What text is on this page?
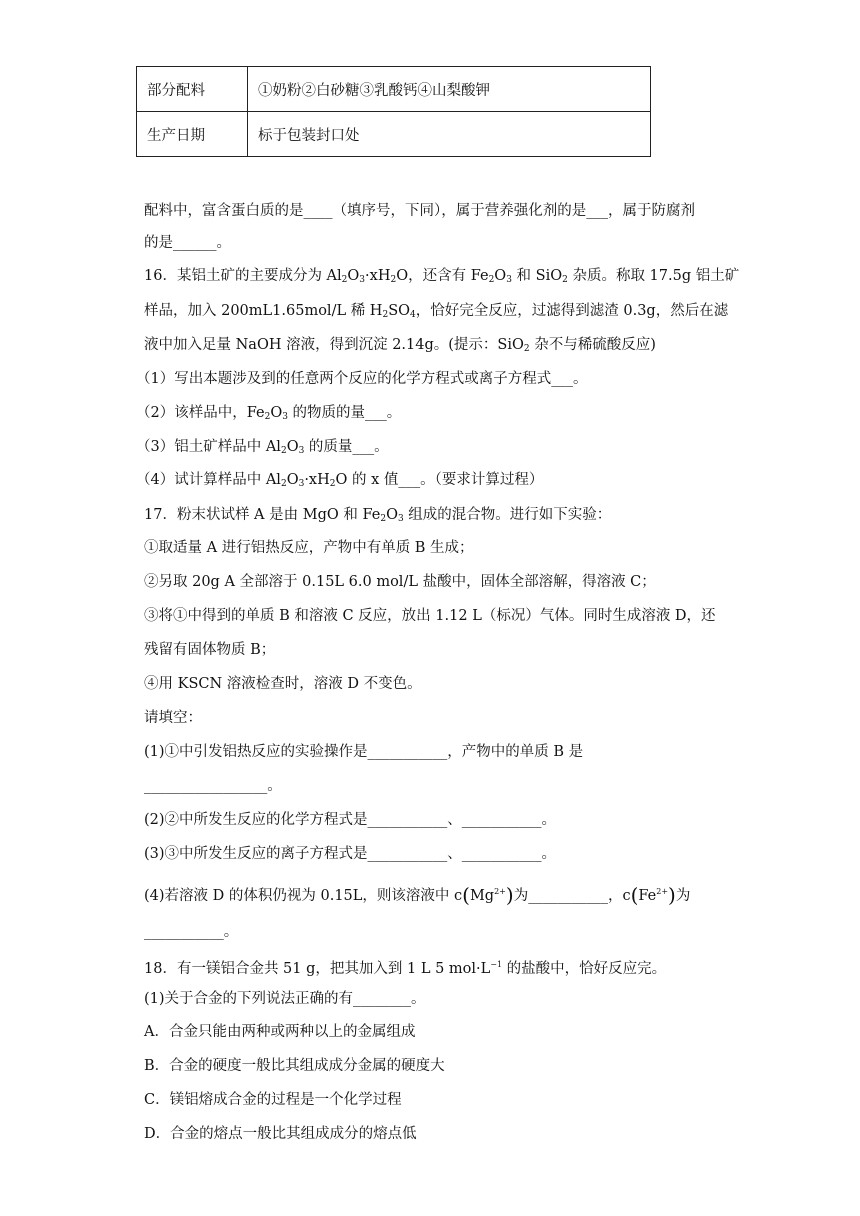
部分配料	①奶粉②白砂糖③乳酸钙④山梨酸钾
生产日期	标于包装封口处
配料中，富含蛋白质的是____（填序号，下同），属于营养强化剂的是___，属于防腐剂
的是______。
16．某铝土矿的主要成分为 $Al_2O_3\cdot xH_2O$，还含有 $Fe_2O_3$ 和 SiO$_2$ 杂质。称取 17.5g 铝土矿
样品，加入 200mL1.65mol/L 稀 $H_2SO_4$，恰好完全反应，过滤得到滤渣 0.3g，然后在滤
液中加入足量 NaOH 溶液，得到沉淀 2.14g。(提示：SiO$_2$ 杂不与稀硫酸反应)
（1）写出本题涉及到的任意两个反应的化学方程式或离子方程式___。
（2）该样品中，$Fe_2O_3$ 的物质的量___。
（3）铝土矿样品中 $Al_2O_3$ 的质量___。
（4）试计算样品中 $Al_2O_3\cdot xH_2O$ 的 x 值___。（要求计算过程）
17．粉末状试样 A 是由 MgO 和 $Fe_2O_3$ 组成的混合物。进行如下实验：
①取适量 A 进行铝热反应，产物中有单质 B 生成；
②另取 20g A 全部溶于 0.15L 6.0 mol/L 盐酸中，固体全部溶解，得溶液 C；
③将①中得到的单质 B 和溶液 C 反应，放出 1.12 L（标况）气体。同时生成溶液 D，还
残留有固体物质 B；
④用 KSCN 溶液检查时，溶液 D 不变色。
请填空：
(1)①中引发铝热反应的实验操作是___________，产物中的单质 B 是
_________________。
(2)②中所发生反应的化学方程式是___________、___________。
(3)③中所发生反应的离子方程式是___________、___________。
(4)若溶液 D 的体积仍视为 0.15L，则该溶液中 $c(Mg^{2+})$为___________，$c(Fe^{2+})$为
___________。
18．有一镁铝合金共 51 g，把其加入到 1 L 5 $mol\cdot L^{-1}$ 的盐酸中，恰好反应完。
(1)关于合金的下列说法正确的有________。
A．合金只能由两种或两种以上的金属组成
B．合金的硬度一般比其组成成分金属的硬度大
C．镁铝熔成合金的过程是一个化学过程
D．合金的熔点一般比其组成成分的熔点低
